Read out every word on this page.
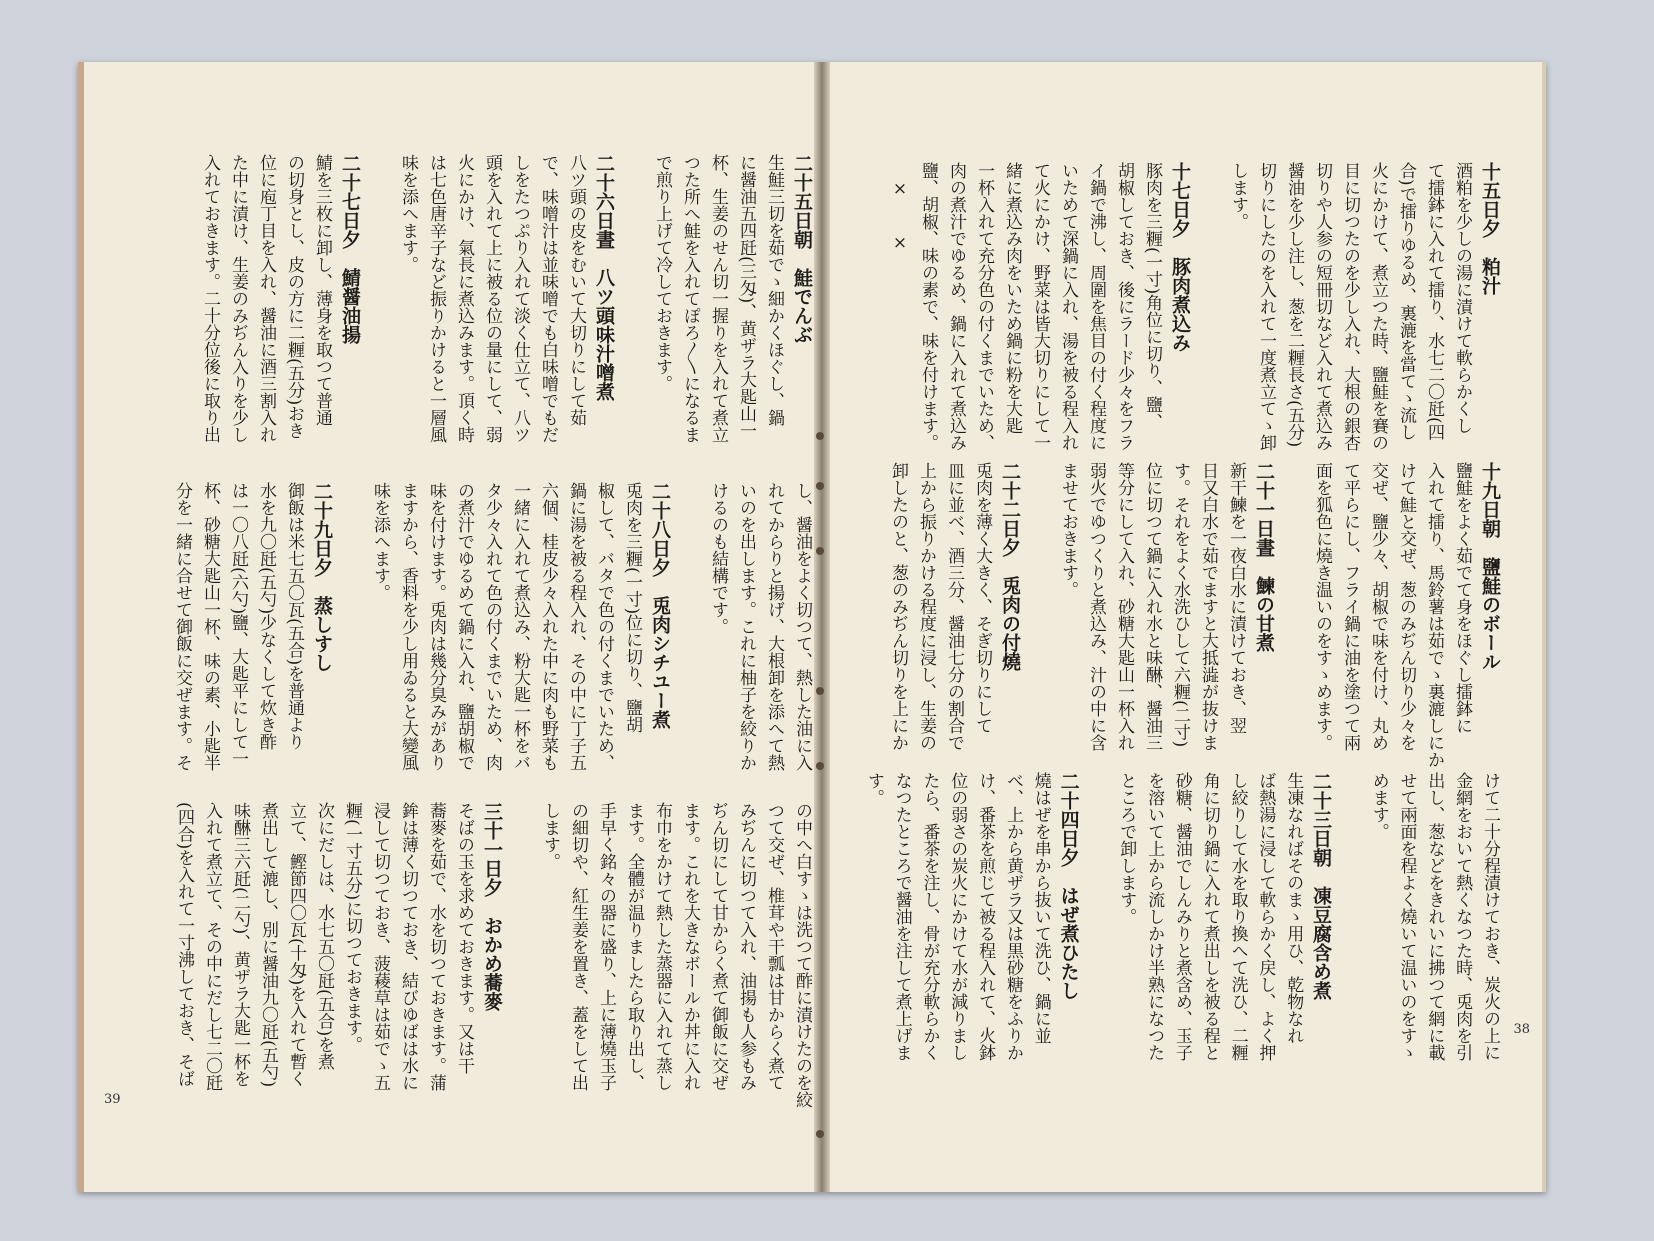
二十五日朝　鮭でんぶ
生鮭三切を茹でゝ細かくほぐし、鍋
に醤油五四瓩(三匁)、黄ザラ大匙山一
杯、生姜のせん切一握りを入れて煮立
つた所へ鮭を入れてぽろ〳〵になるま
で煎り上げて冷しておきます。
二十六日晝　八ツ頭味汁噌煮
八ツ頭の皮をむいて大切りにして茹
で、味噌汁は並味噌でも白味噌でもだ
しをたつぷり入れて淡く仕立て、八ツ
頭を入れて上に被る位の量にして、弱
火にかけ、氣長に煮込みます。頂く時
は七色唐辛子など振りかけると一層風
味を添へます。
二十七日夕　鯖醤油揚
鯖を三枚に卸し、薄身を取つて普通
の切身とし、皮の方に二糎(五分)おき
位に庖丁目を入れ、醤油に酒三割入れ
た中に漬け、生姜のみぢん入りを少し
入れておきます。二十分位後に取り出
し、醤油をよく切つて、熱した油に入
れてからりと揚げ、大根卸を添へて熱
いのを出します。これに柚子を絞りか
けるのも結構です。
二十八日夕　兎肉シチユー煮
兎肉を三糎(一寸)位に切り、鹽胡
椒して、バタで色の付くまでいため、
鍋に湯を被る程入れ、その中に丁子五
六個、桂皮少々入れた中に肉も野菜も
一緒に入れて煮込み、粉大匙一杯をバ
タ少々入れて色の付くまでいため、肉
の煮汁でゆるめて鍋に入れ、鹽胡椒で
味を付けます。兎肉は幾分臭みがあり
ますから、香料を少し用ゐると大變風
味を添へます。
二十九日夕　蒸しすし
御飯は米七五〇瓦(五合)を普通より
水を九〇瓩(五勺)少なくして炊き酢
は一〇八瓩(六勺)鹽、大匙平にして一
杯、砂糖大匙山一杯、味の素、小匙半
分を一緒に合せて御飯に交ぜます。そ
の中へ白すゝは洗つて酢に漬けたのを絞
つて交ぜ、椎茸や干瓢は甘からく煮て
みぢんに切つて入れ、油揚も人参もみ
ぢん切にして甘からく煮て御飯に交ぜ
ます。これを大きなボールか丼に入れ
布巾をかけて熱した蒸器に入れて蒸し
ます。全體が温りましたら取り出し、
手早く銘々の器に盛り、上に薄燒玉子
の細切や、紅生姜を置き、蓋をして出
します。
三十一日夕　おかめ蕎麥
そばの玉を求めておきます。又は干
蕎麥を茹で、水を切つておきます。蒲
鉾は薄く切つておき、結びゆばは水に
浸して切つておき、菠薐草は茹でゝ五
糎(一寸五分)に切つておきます。
次にだしは、水七五〇瓩(五合)を煮
立て、鰹節四〇瓦(十匁)を入れて暫く
煮出して漉し、別に醤油九〇瓩(五勺)
味醂三六瓩(二勺)、黄ザラ大匙一杯を
入れて煮立て、その中にだし七二〇瓩
(四合)を入れて一寸沸しておき、そば
39
十五日夕　粕汁
酒粕を少しの湯に漬けて軟らかくし
て擂鉢に入れて擂り、水七二〇瓩(四
合)で擂りゆるめ、裏漉を當てゝ流し
火にかけて、煮立つた時、鹽鮭を賽の
目に切つたのを少し入れ、大根の銀杏
切りや人参の短冊切など入れて煮込み
醤油を少し注し、葱を二糎長さ(五分)
切りにしたのを入れて一度煮立てゝ卸
します。
十七日夕　豚肉煮込み
豚肉を三糎(一寸)角位に切り、鹽、
胡椒しておき、後にラード少々をフラ
イ鍋で沸し、周圍を焦目の付く程度に
いためて深鍋に入れ、湯を被る程入れ
て火にかけ、野菜は皆大切りにして一
緒に煮込み肉をいため鍋に粉を大匙
一杯入れて充分色の付くまでいため、
肉の煮汁でゆるめ、鍋に入れて煮込み
鹽、胡椒、味の素で、味を付けます。
　×　　×
十九日朝　鹽鮭のボール
鹽鮭をよく茹でて身をほぐし擂鉢に
入れて擂り、馬鈴薯は茹でゝ裏漉しにか
けて鮭と交ぜ、葱のみぢん切り少々を
交ぜ、鹽少々、胡椒で味を付け、丸め
て平らにし、フライ鍋に油を塗つて兩
面を狐色に燒き温いのをすゝめます。
二十一日晝　鰊の甘煮
新干鰊を一夜白水に漬けておき、翌
日又白水で茹でますと大抵澁が抜けま
す。それをよく水洗ひして六糎(二寸)
位に切つて鍋に入れ水と味醂、醤油三
等分にして入れ、砂糖大匙山一杯入れ
弱火でゆつくりと煮込み、汁の中に含
ませておきます。
二十二日夕　兎肉の付燒
兎肉を薄く大きく、そぎ切りにして
皿に並べ、酒三分、醤油七分の割合で
上から振りかける程度に浸し、生姜の
卸したのと、葱のみぢん切りを上にか
けて二十分程漬けておき、炭火の上に
金網をおいて熱くなつた時、兎肉を引
出し、葱などをきれいに拂つて網に載
せて兩面を程よく燒いて温いのをすゝ
めます。
二十三日朝　凍豆腐含め煮
生凍なればそのまゝ用ひ、乾物なれ
ば熱湯に浸して軟らかく戻し、よく押
し絞りして水を取り換へて洗ひ、二糎
角に切り鍋に入れて煮出しを被る程と
砂糖、醤油でしんみりと煮含め、玉子
を溶いて上から流しかけ半熟になつた
ところで卸します。
二十四日夕　はぜ煮ひたし
燒はぜを串から抜いて洗ひ、鍋に並
べ、上から黄ザラ又は黒砂糖をふりか
け、番茶を煎じて被る程入れて、火鉢
位の弱さの炭火にかけて水が減りまし
たら、番茶を注し、骨が充分軟らかく
なつたところで醤油を注して煮上げま
す。
38
